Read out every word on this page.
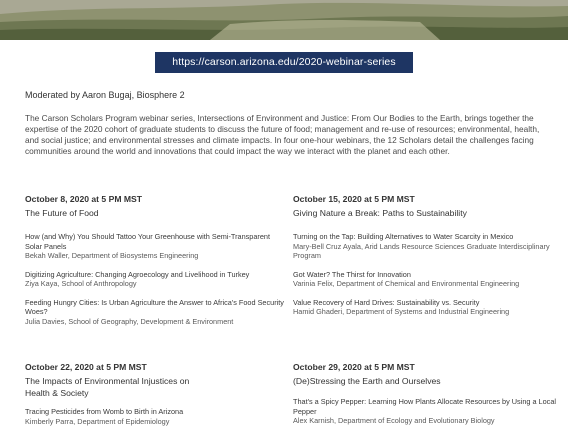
https://carson.arizona.edu/2020-webinar-series
Moderated by Aaron Bugaj, Biosphere 2

The Carson Scholars Program webinar series, Intersections of Environment and Justice: From Our Bodies to the Earth, brings together the expertise of the 2020 cohort of graduate students to discuss the future of food; management and re-use of resources; environmental, health, and social justice; and environmental stresses and climate impacts. In four one-hour webinars, the 12 Scholars detail the challenges facing communities around the world and innovations that could impact the way we interact with the planet and each other.

October 8, 2020 at 5 PM MST
The Future of Food
How (and Why) You Should Tattoo Your Greenhouse with Semi-Transparent Solar Panels
Bekah Waller, Department of Biosystems Engineering
Digitizing Agriculture: Changing Agroecology and Livelihood in Turkey
Ziya Kaya, School of Anthropology
Feeding Hungry Cities: Is Urban Agriculture the Answer to Africa's Food Security Woes?
Julia Davies, School of Geography, Development & Environment
October 15, 2020 at 5 PM MST
Giving Nature a Break: Paths to Sustainability
Turning on the Tap: Building Alternatives to Water Scarcity in Mexico
Mary-Bell Cruz Ayala, Arid Lands Resource Sciences Graduate Interdisciplinary Program
Got Water? The Thirst for Innovation
Varinia Felix, Department of Chemical and Environmental Engineering
Value Recovery of Hard Drives: Sustainability vs. Security
Hamid Ghaderi, Department of Systems and Industrial Engineering
October 22, 2020 at 5 PM MST
The Impacts of Environmental Injustices on Health & Society
Tracing Pesticides from Womb to Birth in Arizona
Kimberly Parra, Department of Epidemiology
October 29, 2020 at 5 PM MST
(De)Stressing the Earth and Ourselves
That's a Spicy Pepper: Learning How Plants Allocate Resources by Using a Local Pepper
Alex Karnish, Department of Ecology and Evolutionary Biology
